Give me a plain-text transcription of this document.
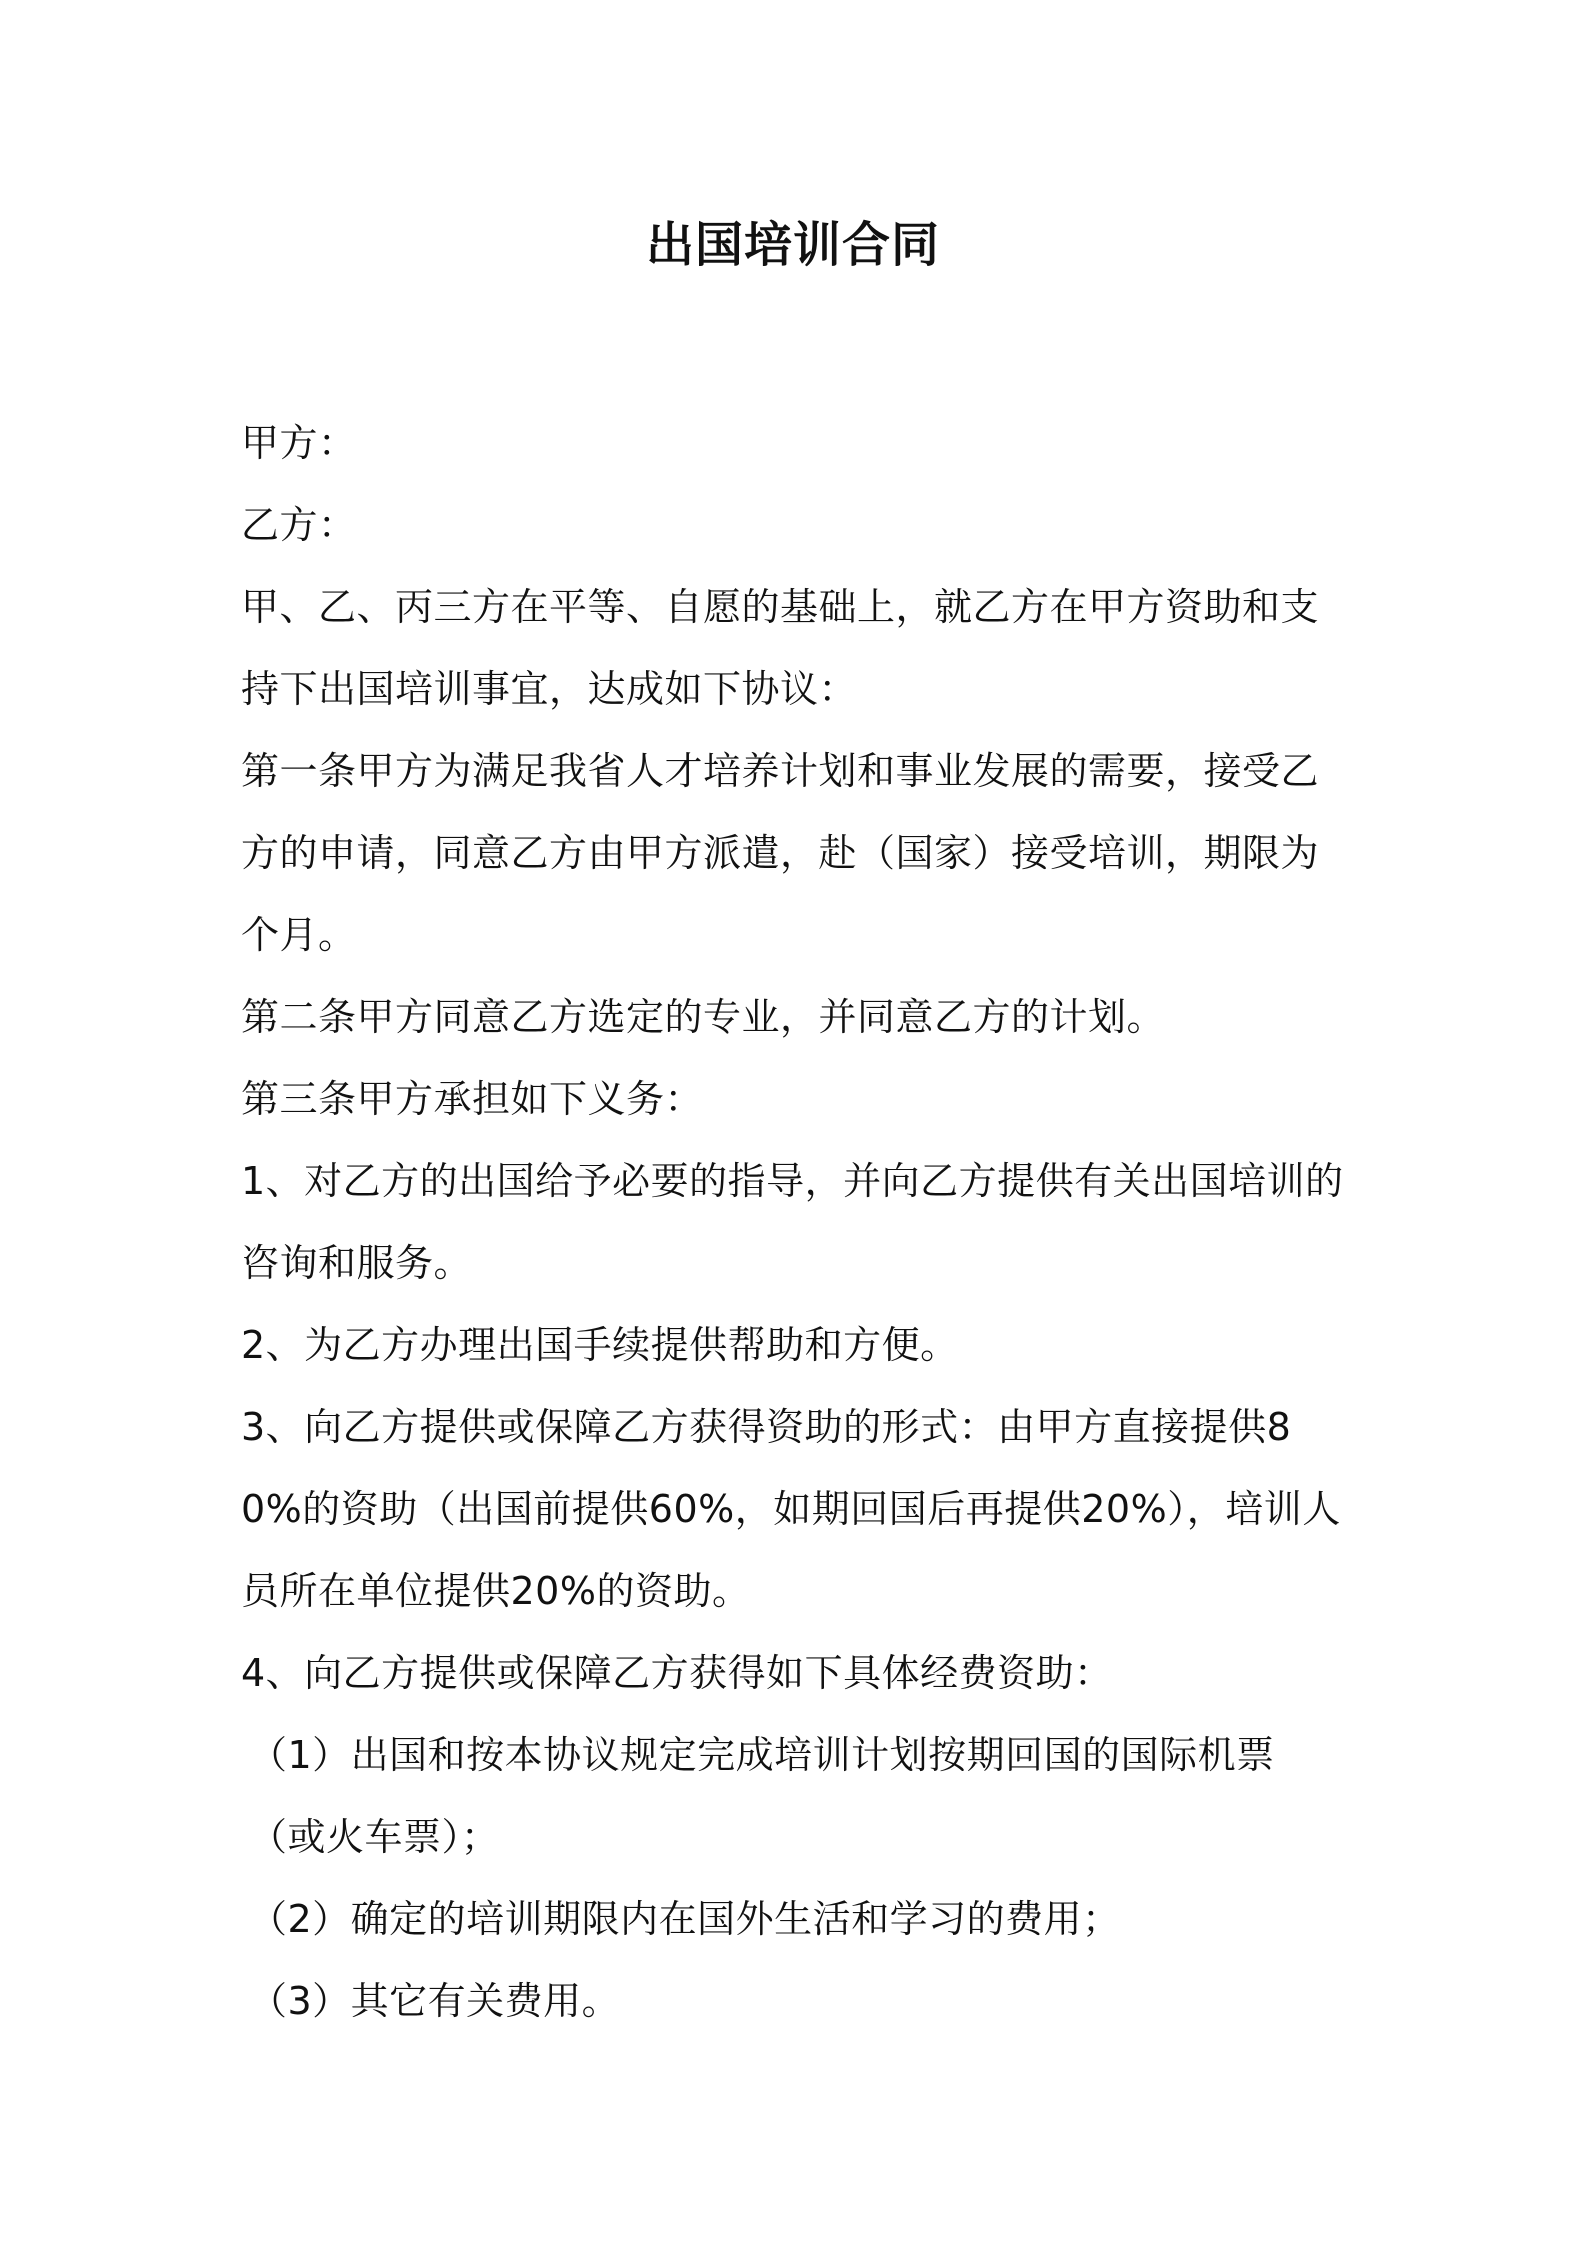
出国培训合同

甲方：

乙方：

甲、乙、丙三方在平等、自愿的基础上，就乙方在甲方资助和支持下出国培训事宜，达成如下协议：

第一条甲方为满足我省人才培养计划和事业发展的需要，接受乙方的申请，同意乙方由甲方派遣，赴（国家）接受培训，期限为个月。

第二条甲方同意乙方选定的专业，并同意乙方的计划。

第三条甲方承担如下义务：

1、对乙方的出国给予必要的指导，并向乙方提供有关出国培训的咨询和服务。

2、为乙方办理出国手续提供帮助和方便。

3、向乙方提供或保障乙方获得资助的形式：由甲方直接提供80%的资助（出国前提供60%，如期回国后再提供20%），培训人员所在单位提供20%的资助。

4、向乙方提供或保障乙方获得如下具体经费资助：

（1）出国和按本协议规定完成培训计划按期回国的国际机票（或火车票）；

（2）确定的培训期限内在国外生活和学习的费用；

（3）其它有关费用。
